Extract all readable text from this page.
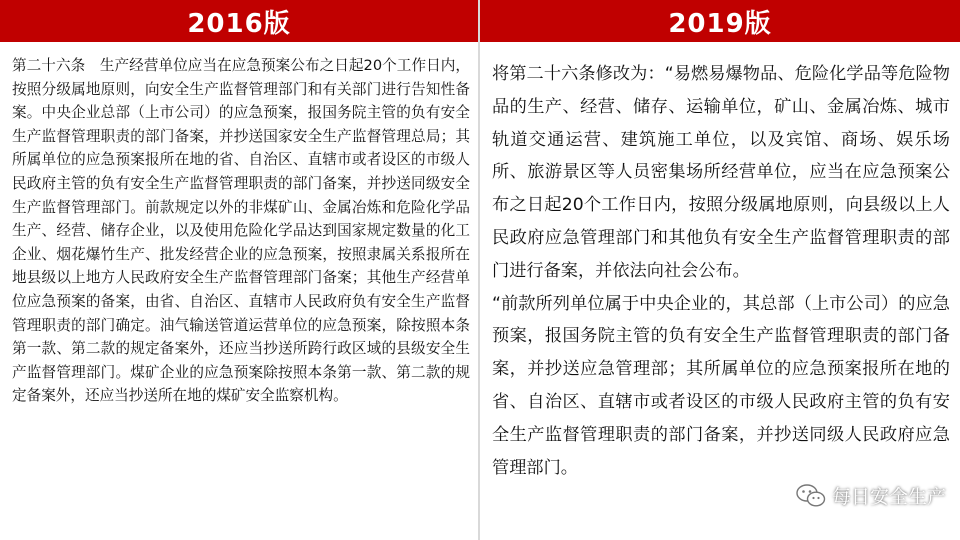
2016版

第二十六条　生产经营单位应当在应急预案公布之日起20个工作日内，按照分级属地原则，向安全生产监督管理部门和有关部门进行告知性备案。中央企业总部（上市公司）的应急预案，报国务院主管的负有安全生产监督管理职责的部门备案，并抄送国家安全生产监督管理总局；其所属单位的应急预案报所在地的省、自治区、直辖市或者设区的市级人民政府主管的负有安全生产监督管理职责的部门备案，并抄送同级安全生产监督管理部门。前款规定以外的非煤矿山、金属冶炼和危险化学品生产、经营、储存企业，以及使用危险化学品达到国家规定数量的化工企业、烟花爆竹生产、批发经营企业的应急预案，按照隶属关系报所在地县级以上地方人民政府安全生产监督管理部门备案；其他生产经营单位应急预案的备案，由省、自治区、直辖市人民政府负有安全生产监督管理职责的部门确定。油气输送管道运营单位的应急预案，除按照本条第一款、第二款的规定备案外，还应当抄送所跨行政区域的县级安全生产监督管理部门。煤矿企业的应急预案除按照本条第一款、第二款的规定备案外，还应当抄送所在地的煤矿安全监察机构。

2019版

将第二十六条修改为：“易燃易爆物品、危险化学品等危险物品的生产、经营、储存、运输单位，矿山、金属冶炼、城市轨道交通运营、建筑施工单位，以及宾馆、商场、娱乐场所、旅游景区等人员密集场所经营单位，应当在应急预案公布之日起20个工作日内，按照分级属地原则，向县级以上人民政府应急管理部门和其他负有安全生产监督管理职责的部门进行备案，并依法向社会公布。

“前款所列单位属于中央企业的，其总部（上市公司）的应急预案，报国务院主管的负有安全生产监督管理职责的部门备案，并抄送应急管理部；其所属单位的应急预案报所在地的省、自治区、直辖市或者设区的市级人民政府主管的负有安全生产监督管理职责的部门备案，并抄送同级人民政府应急管理部门。

每日安全生产
